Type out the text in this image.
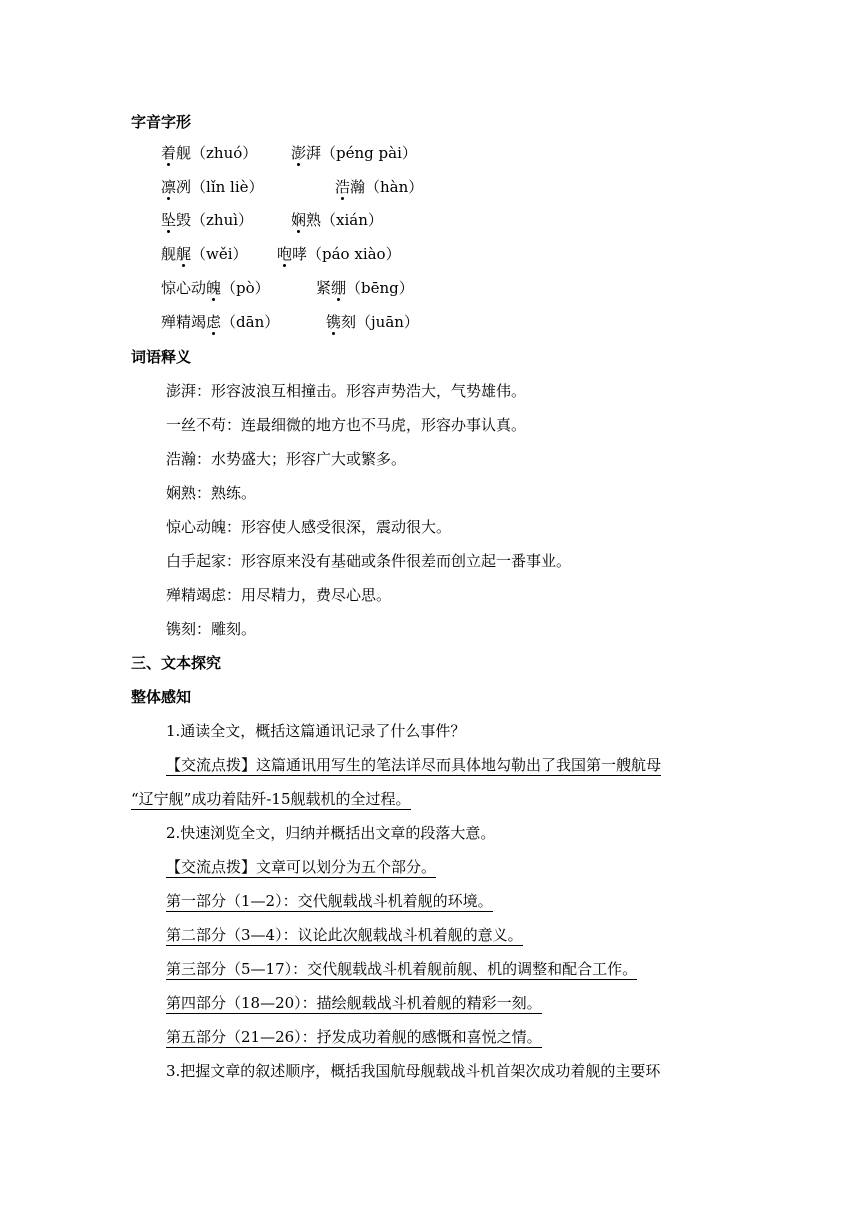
字音字形
着舰（zhuó） 澎湃（péng pài）
凛冽（lǐn liè）	浩瀚（hàn）
坠毁（zhuì）	娴熟（xián）
舰艉（wěi） 咆哮（páo xiào）
惊心动魄（pò）	紧绷（bēng）
殚精竭虑（dān）	镌刻（juān）
词语释义
澎湃：形容波浪互相撞击。形容声势浩大，气势雄伟。
一丝不苟：连最细微的地方也不马虎，形容办事认真。
浩瀚：水势盛大；形容广大或繁多。
娴熟：熟练。
惊心动魄：形容使人感受很深，震动很大。
白手起家：形容原来没有基础或条件很差而创立起一番事业。
殚精竭虑：用尽精力，费尽心思。
镌刻：雕刻。
三、文本探究
整体感知
1.通读全文，概括这篇通讯记录了什么事件？
【交流点拨】这篇通讯用写生的笔法详尽而具体地勾勒出了我国第一艘航母
“辽宁舰”成功着陆歼-15舰载机的全过程。
2.快速浏览全文，归纳并概括出文章的段落大意。
【交流点拨】文章可以划分为五个部分。
第一部分（1—2）：交代舰载战斗机着舰的环境。
第二部分（3—4）：议论此次舰载战斗机着舰的意义。
第三部分（5—17）：交代舰载战斗机着舰前舰、机的调整和配合工作。
第四部分（18—20）：描绘舰载战斗机着舰的精彩一刻。
第五部分（21—26）：抒发成功着舰的感慨和喜悦之情。
3.把握文章的叙述顺序，概括我国航母舰载战斗机首架次成功着舰的主要环
